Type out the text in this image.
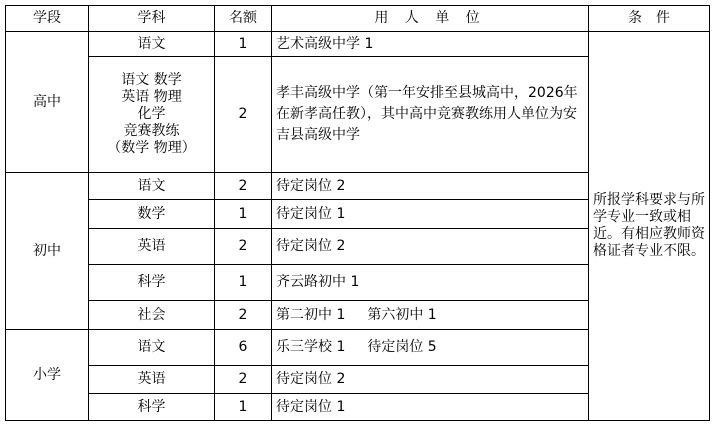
学段	学科	名额	用 人 单 位	条　件
高中	语文	1	艺术高级中学 1	所报学科要求与所学专业一致或相近。有相应教师资格证者专业不限。

	语文 数学
英语 物理
化学
竞赛教练
（数学 物理）	2	孝丰高级中学（第一年安排至县城高中，2026年在新孝高任教），其中高中竞赛教练用人单位为安吉县高级中学	
初中	语文	2	待定岗位 2	
	数学	1	待定岗位 1	
	英语	2	待定岗位 2	
	科学	1	齐云路初中 1	
	社会	2	第二初中 1 第六初中 1	
小学	语文	6	乐三学校 1 待定岗位 5	
	英语	2	待定岗位 2	
	科学	1	待定岗位 1	
